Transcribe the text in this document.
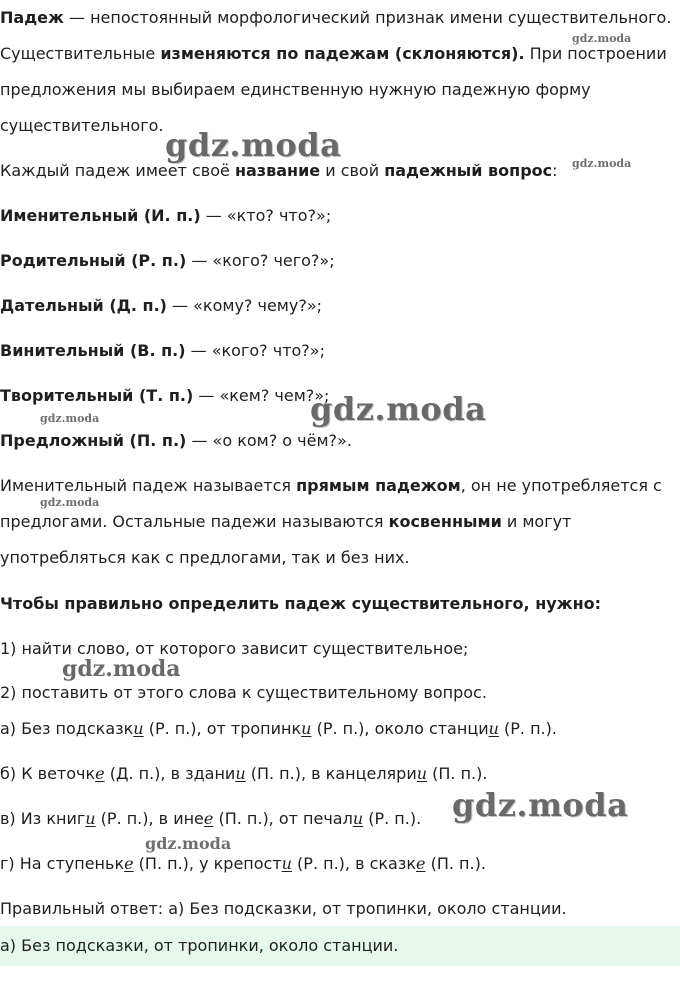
Падеж — непостоянный морфологический признак имени существительного.
Существительные изменяются по падежам (склоняются). При построении
предложения мы выбираем единственную нужную падежную форму
существительного.
Каждый падеж имеет своё название и свой падежный вопрос:
Именительный (И. п.) — «кто? что?»;
Родительный (Р. п.) — «кого? чего?»;
Дательный (Д. п.) — «кому? чему?»;
Винительный (В. п.) — «кого? что?»;
Творительный (Т. п.) — «кем? чем?»;
Предложный (П. п.) — «о ком? о чём?».
Именительный падеж называется прямым падежом, он не употребляется с
предлогами. Остальные падежи называются косвенными и могут
употребляться как с предлогами, так и без них.
Чтобы правильно определить падеж существительного, нужно:
1) найти слово, от которого зависит существительное;
2) поставить от этого слова к существительному вопрос.
а) Без подсказки (Р. п.), от тропинки (Р. п.), около станции (Р. п.).
б) К веточке (Д. п.), в здании (П. п.), в канцелярии (П. п.).
в) Из книги (Р. п.), в инее (П. п.), от печали (Р. п.).
г) На ступеньке (П. п.), у крепости (Р. п.), в сказке (П. п.).
Правильный ответ: а) Без подсказки, от тропинки, около станции.
а) Без подсказки, от тропинки, около станции.
gdz.moda
gdz.moda	gdz.moda
gdz.moda
gdz.moda
gdz.moda
gdz.moda
gdz.moda
gdz.moda
